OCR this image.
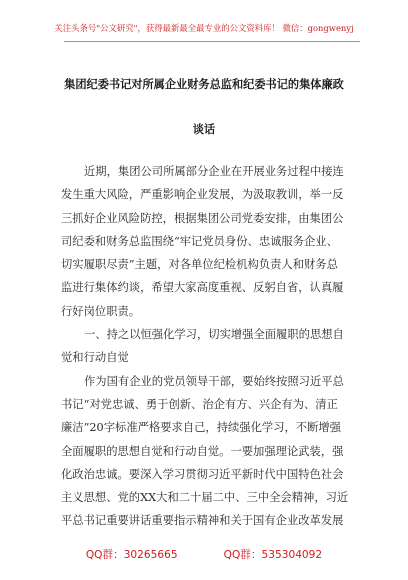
关注头条号"公文研究"，获得最新最全最专业的公文资料库！ 微信：gongwenyj
集团纪委书记对所属企业财务总监和纪委书记的集体廉政
谈话
近期，集团公司所属部分企业在开展业务过程中接连
发生重大风险，严重影响企业发展，为汲取教训，举一反
三抓好企业风险防控，根据集团公司党委安排，由集团公
司纪委和财务总监围绕“牢记党员身份、忠诚服务企业、
切实履职尽责”主题，对各单位纪检机构负责人和财务总
监进行集体约谈，希望大家高度重视、反躬自省，认真履
行好岗位职责。
一、持之以恒强化学习，切实增强全面履职的思想自
觉和行动自觉
作为国有企业的党员领导干部，要始终按照习近平总
书记“对党忠诚、勇于创新、治企有方、兴企有为、清正
廉洁”20字标准严格要求自己，持续强化学习，不断增强
全面履职的思想自觉和行动自觉。一要加强理论武装，强
化政治忠诚。要深入学习贯彻习近平新时代中国特色社会
主义思想、党的XX大和二十届二中、三中全会精神，习近
平总书记重要讲话重要指示精神和关于国有企业改革发展
QQ群：30265665	QQ群：535304092
